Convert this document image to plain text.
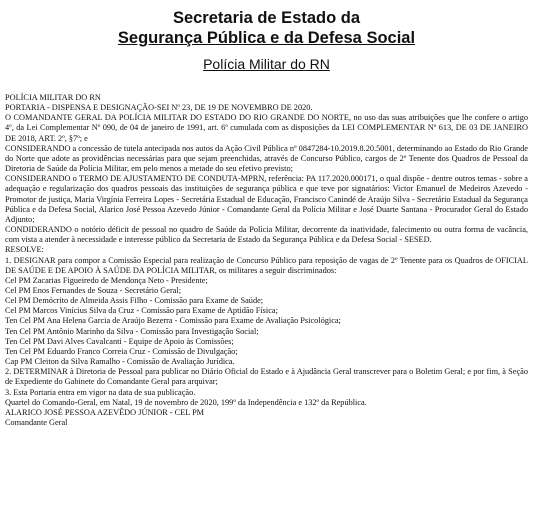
Secretaria de Estado da
Segurança Pública e da Defesa Social
Polícia Militar do RN

POLÍCIA MILITAR DO RN

PORTARIA - DISPENSA E DESIGNAÇÃO-SEI Nº 23, DE 19 DE NOVEMBRO DE 2020.

O COMANDANTE GERAL DA POLÍCIA MILITAR DO ESTADO DO RIO GRANDE DO NORTE, no uso das suas atribuições que lhe confere o artigo 4º, da Lei Complementar Nº 090, de 04 de janeiro de 1991, art. 6º cumulada com as disposições da LEI COMPLEMENTAR Nº 613, DE 03 DE JANEIRO DE 2018, ART. 2º, §7º; e

CONSIDERANDO a concessão de tutela antecipada nos autos da Ação Civil Pública nº 0847284-10.2019.8.20.5001, determinando ao Estado do Rio Grande do Norte que adote as providências necessárias para que sejam preenchidas, através de Concurso Público, cargos de 2º Tenente dos Quadros de Pessoal da Diretoria de Saúde da Polícia Militar, em pelo menos a metade do seu efetivo previsto;

CONSIDERANDO o TERMO DE AJUSTAMENTO DE CONDUTA-MPRN, referência: PA 117.2020.000171, o qual dispõe - dentre outros temas - sobre a adequação e regularização dos quadros pessoais das instituições de segurança pública e que teve por signatários: Victor Emanuel de Medeiros Azevedo - Promotor de justiça, Maria Virgínia Ferreira Lopes - Secretária Estadual de Educação, Francisco Canindé de Araújo Silva - Secretário Estadual da Segurança Pública e da Defesa Social, Alarico José Pessoa Azevedo Júnior - Comandante Geral da Polícia Militar e José Duarte Santana - Procurador Geral do Estado Adjunto;

CONDIDERANDO o notório déficit de pessoal no quadro de Saúde da Polícia Militar, decorrente da inatividade, falecimento ou outra forma de vacância, com vista a atender à necessidade e interesse público da Secretaria de Estado da Segurança Pública e da Defesa Social - SESED.

RESOLVE:

1. DESIGNAR para compor a Comissão Especial para realização de Concurso Público para reposição de vagas de 2º Tenente para os Quadros de OFICIAL DE SAÚDE E DE APOIO À SAÚDE DA POLÍCIA MILITAR, os militares a seguir discriminados:

Cel PM Zacarias Figueiredo de Mendonça Neto - Presidente;

Cel PM Enos Fernandes de Souza - Secretário Geral;

Cel PM Demócrito de Almeida Assis Filho - Comissão para Exame de Saúde;

Cel PM Marcos Vinícius Silva da Cruz - Comissão para Exame de Aptidão Física;

Ten Cel PM Ana Helena Garcia de Araújo Bezerra - Comissão para Exame de Avaliação Psicológica;

Ten Cel PM Antônio Marinho da Silva - Comissão para Investigação Social;

Ten Cel PM Davi Alves Cavalcanti - Equipe de Apoio às Comissões;

Ten Cel PM Eduardo Franco Correia Cruz - Comissão de Divulgação;

Cap PM Cleiton da Silva Ramalho - Comissão de Avaliação Jurídica.

2. DETERMINAR à Diretoria de Pessoal para publicar no Diário Oficial do Estado e à Ajudância Geral transcrever para o Boletim Geral; e por fim, à Seção de Expediente do Gabinete do Comandante Geral para arquivar;

3. Esta Portaria entra em vigor na data de sua publicação.

Quartel do Comando-Geral, em Natal, 19 de novembro de 2020, 199º da Independência e 132º da República.

ALARICO JOSÉ PESSOA AZEVÊDO JÚNIOR - CEL PM

Comandante Geral
